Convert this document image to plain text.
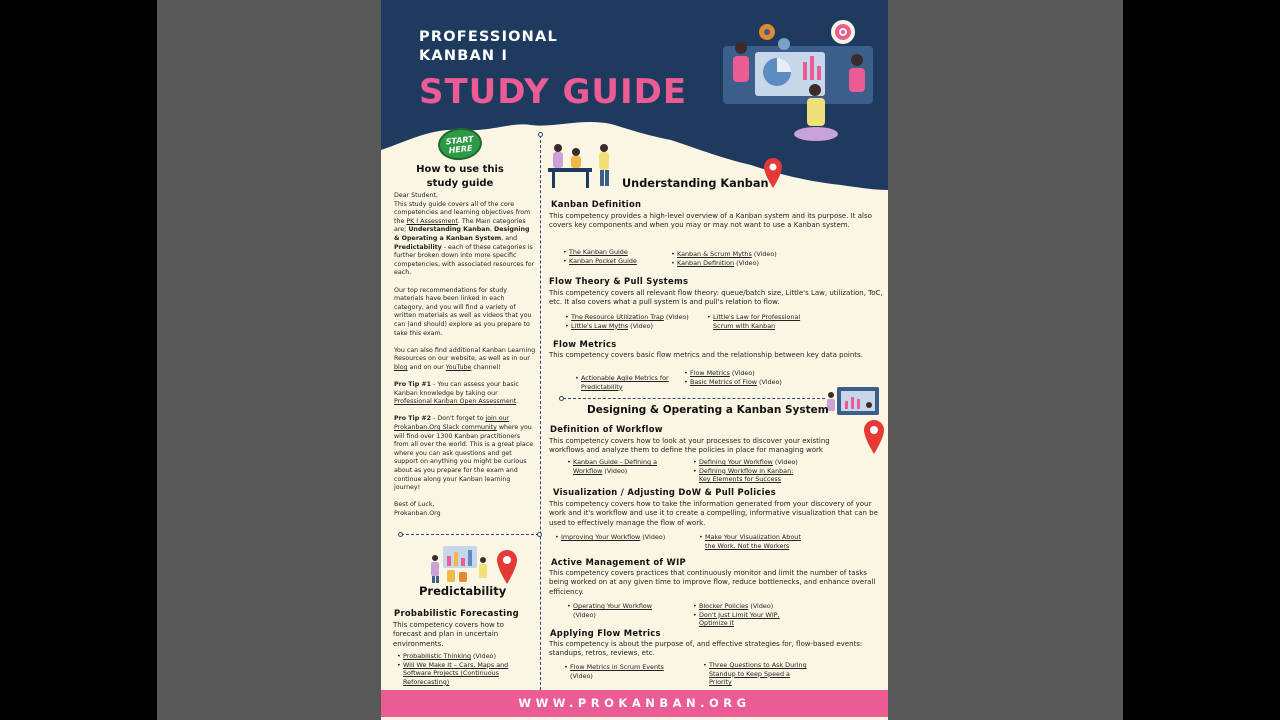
PROFESSIONAL
KANBAN I
STUDY GUIDE
START HERE
How to use this
study guide
Dear Student,

This study guide covers all of the core competencies and learning objectives from the PK I Assessment. The Main categories are; Understanding Kanban, Designing & Operating a Kanban System, and Predictability - each of these categories is further broken down into more specific competencies, with associated resources for each.

Our top recommendations for study materials have been linked in each category, and you will find a variety of written materials as well as videos that you can (and should) explore as you prepare to take this exam.

You can also find additional Kanban Learning Resources on our website, as well as in our blog and on our YouTube channel!

Pro Tip #1 - You can assess your basic Kanban knowledge by taking our Professional Kanban Open Assessment.

Pro Tip #2 - Don't forget to join our Prokanban.Org Slack community where you will find over 1300 Kanban practitioners from all over the world. This is a great place where you can ask questions and get support on anything you might be curious about as you prepare for the exam and continue along your Kanban learning journey!

Best of Luck,
Prokanban.Org
Understanding Kanban
Kanban Definition
This competency provides a high-level overview of a Kanban system and its purpose. It also covers key components and when you may or may not want to use a Kanban system.
• The Kanban Guide
• Kanban Pocket Guide
• Kanban & Scrum Myths (Video)
• Kanban Definition (Video)
Flow Theory & Pull Systems
This competency covers all relevant flow theory: queue/batch size, Little's Law, utilization, ToC, etc. It also covers what a pull system is and pull's relation to flow.
• The Resource Utilization Trap (Video)
• Little's Law Myths (Video)
• Little's Law for Professional
Scrum with Kanban
Flow Metrics
This competency covers basic flow metrics and the relationship between key data points.
• Actionable Agile Metrics for
Predictability
• Flow Metrics (Video)
• Basic Metrics of Flow (Video)
Designing & Operating a Kanban System
Definition of Workflow
This competency covers how to look at your processes to discover your existing workflows and analyze them to define the policies in place for managing work
• Kanban Guide - Defining a
Workflow (Video)
• Defining Your Workflow (Video)
• Defining Workflow in Kanban:
Key Elements for Success
Visualization / Adjusting DoW & Pull Policies
This competency covers how to take the information generated from your discovery of your work and it's workflow and use it to create a compelling, informative visualization that can be used to effectively manage the flow of work.
• Improving Your Workflow (Video)	• Make Your Visualization About
the Work, Not the Workers
Active Management of WIP
This competency covers practices that continuously monitor and limit the number of tasks being worked on at any given time to improve flow, reduce bottlenecks, and enhance overall efficiency.
• Operating Your Workflow
(Video)
• Blocker Policies (Video)
• Don't Just Limit Your WIP,
Optimize it
Applying Flow Metrics
This competency is about the purpose of, and effective strategies for, flow-based events: standups, retros, reviews, etc.
• Flow Metrics in Scrum Events
(Video)
• Three Questions to Ask During
Standup to Keep Speed a
Priority
Predictability
Probabilistic Forecasting
This competency covers how to forecast and plan in uncertain environments.
• Probabilistic Thinking (Video)
• Will We Make It – Cars, Maps and
Software Projects (Continuous
Reforecasting)
WWW.PROKANBAN.ORG
